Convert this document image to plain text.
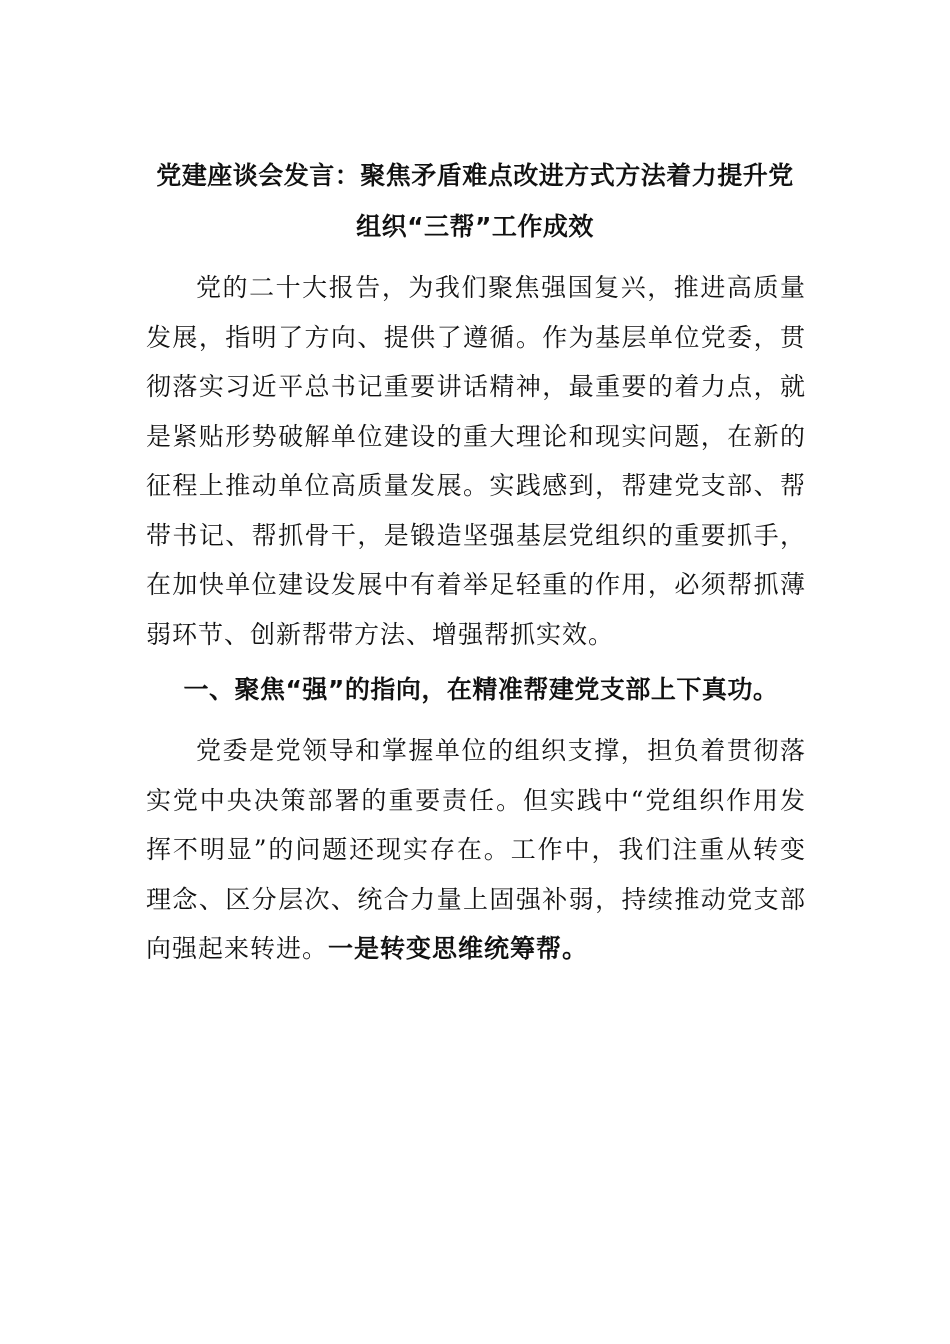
党建座谈会发言：聚焦矛盾难点改进方式方法着力提升党
组织“三帮”工作成效

党的二十大报告，为我们聚焦强国复兴，推进高质量发展，指明了方向、提供了遵循。作为基层单位党委，贯彻落实习近平总书记重要讲话精神，最重要的着力点，就是紧贴形势破解单位建设的重大理论和现实问题，在新的征程上推动单位高质量发展。实践感到，帮建党支部、帮带书记、帮抓骨干，是锻造坚强基层党组织的重要抓手，在加快单位建设发展中有着举足轻重的作用，必须帮抓薄弱环节、创新帮带方法、增强帮抓实效。

一、聚焦“强”的指向，在精准帮建党支部上下真功。

党委是党领导和掌握单位的组织支撑，担负着贯彻落实党中央决策部署的重要责任。但实践中“党组织作用发挥不明显”的问题还现实存在。工作中，我们注重从转变理念、区分层次、统合力量上固强补弱，持续推动党支部向强起来转进。一是转变思维统筹帮。
